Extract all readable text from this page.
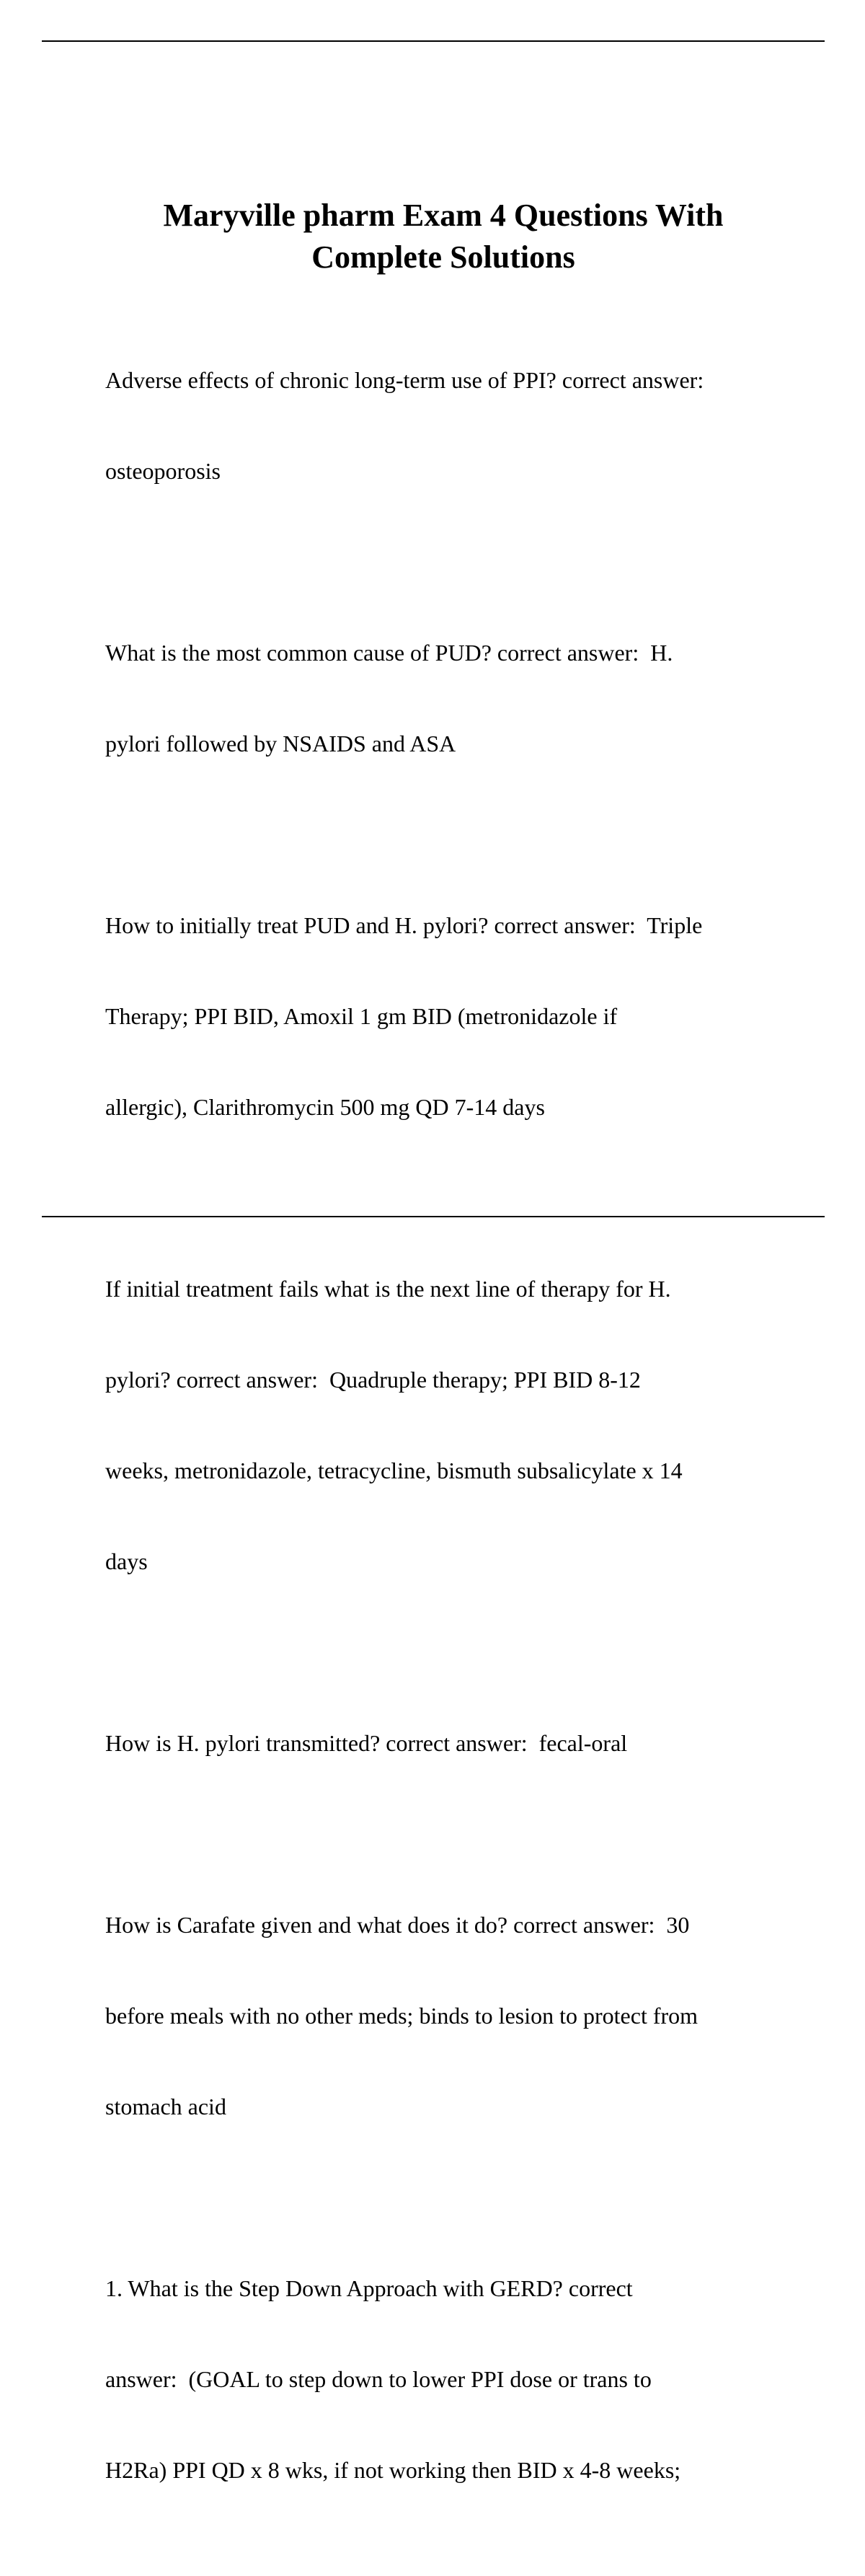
Maryville pharm Exam 4 Questions With
Complete Solutions

Adverse effects of chronic long-term use of PPI? correct answer:

osteoporosis

What is the most common cause of PUD? correct answer:  H.

pylori followed by NSAIDS and ASA

How to initially treat PUD and H. pylori? correct answer:  Triple

Therapy; PPI BID, Amoxil 1 gm BID (metronidazole if

allergic), Clarithromycin 500 mg QD 7-14 days

If initial treatment fails what is the next line of therapy for H.

pylori? correct answer:  Quadruple therapy; PPI BID 8-12

weeks, metronidazole, tetracycline, bismuth subsalicylate x 14

days

How is H. pylori transmitted? correct answer:  fecal-oral

How is Carafate given and what does it do? correct answer:  30

before meals with no other meds; binds to lesion to protect from

stomach acid

1. What is the Step Down Approach with GERD? correct

answer:  (GOAL to step down to lower PPI dose or trans to

H2Ra) PPI QD x 8 wks, if not working then BID x 4-8 weeks;
